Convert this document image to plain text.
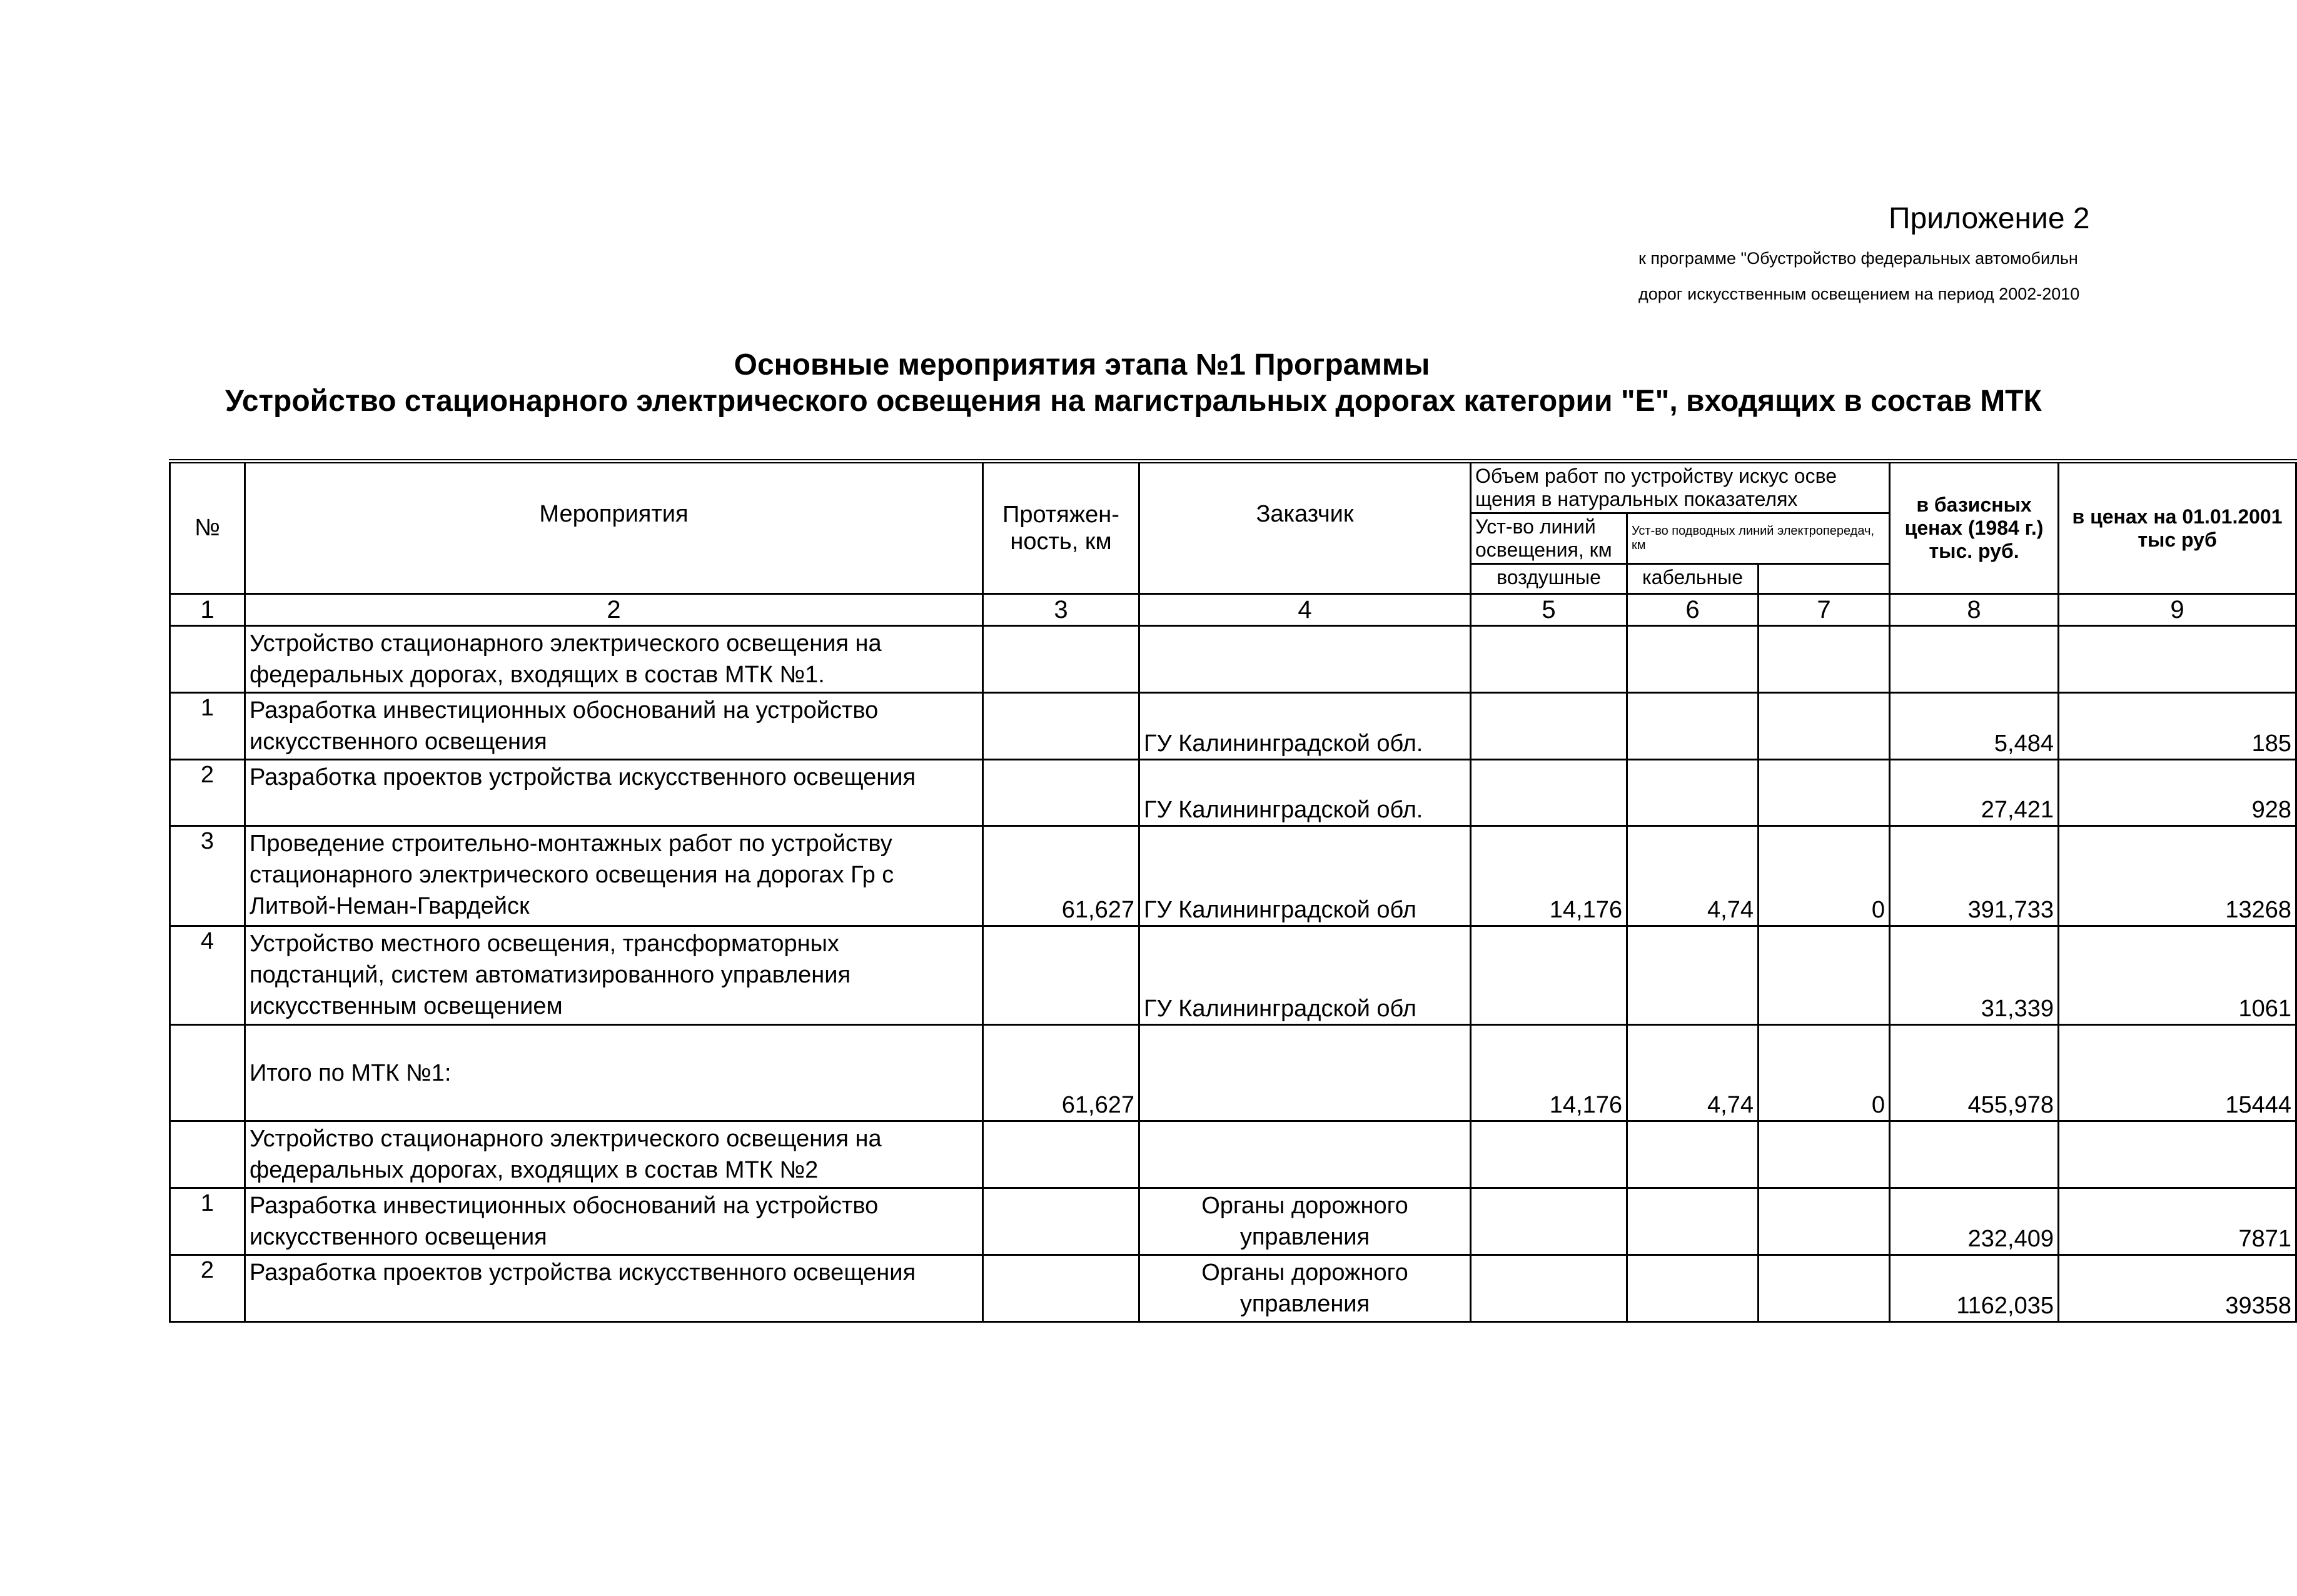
Приложение 2
к программе "Обустройство федеральных автомобильн
дорог искусственным освещением на период 2002-2010
Основные мероприятия этапа №1 Программы
Устройство стационарного электрического освещения на магистральных дорогах категории "Е", входящих в состав МТК
№	Мероприятия	Протяжен-ность, км	Заказчик	Объем работ по устройству искус осве щения в натуральных показателях			в базисных ценах (1984 г.) тыс. руб.	в ценах на 01.01.2001 тыс руб
				Уст-во линий освещения, км	Уст-во подводных линий электропередач, км			

				воздушные	кабельные			
1	2	3	4	5	6	7	8	9
	Устройство стационарного электрического освещения на федеральных дорогах, входящих в состав МТК №1.							
1	Разработка инвестиционных обоснований на устройство искусственного освещения		ГУ Калининградской обл.				5,484	185
2	Разработка проектов устройства искусственного освещения		ГУ Калининградской обл.				27,421	928
3	Проведение строительно-монтажных работ по устройству стационарного электрического освещения на дорогах Гр с Литвой-Неман-Гвардейск	61,627	ГУ Калининградской обл	14,176	4,74	0	391,733	13268
4	Устройство местного освещения, трансформаторных подстанций, систем автоматизированного управления искусственным освещением		ГУ Калининградской обл				31,339	1061
	Итого по МТК №1:	61,627		14,176	4,74	0	455,978	15444
	Устройство стационарного электрического освещения на федеральных дорогах, входящих в состав МТК №2							
1	Разработка инвестиционных обоснований на устройство искусственного освещения		Органы дорожного управления				232,409	7871
2	Разработка проектов устройства искусственного освещения		Органы дорожного управления				1162,035	39358
